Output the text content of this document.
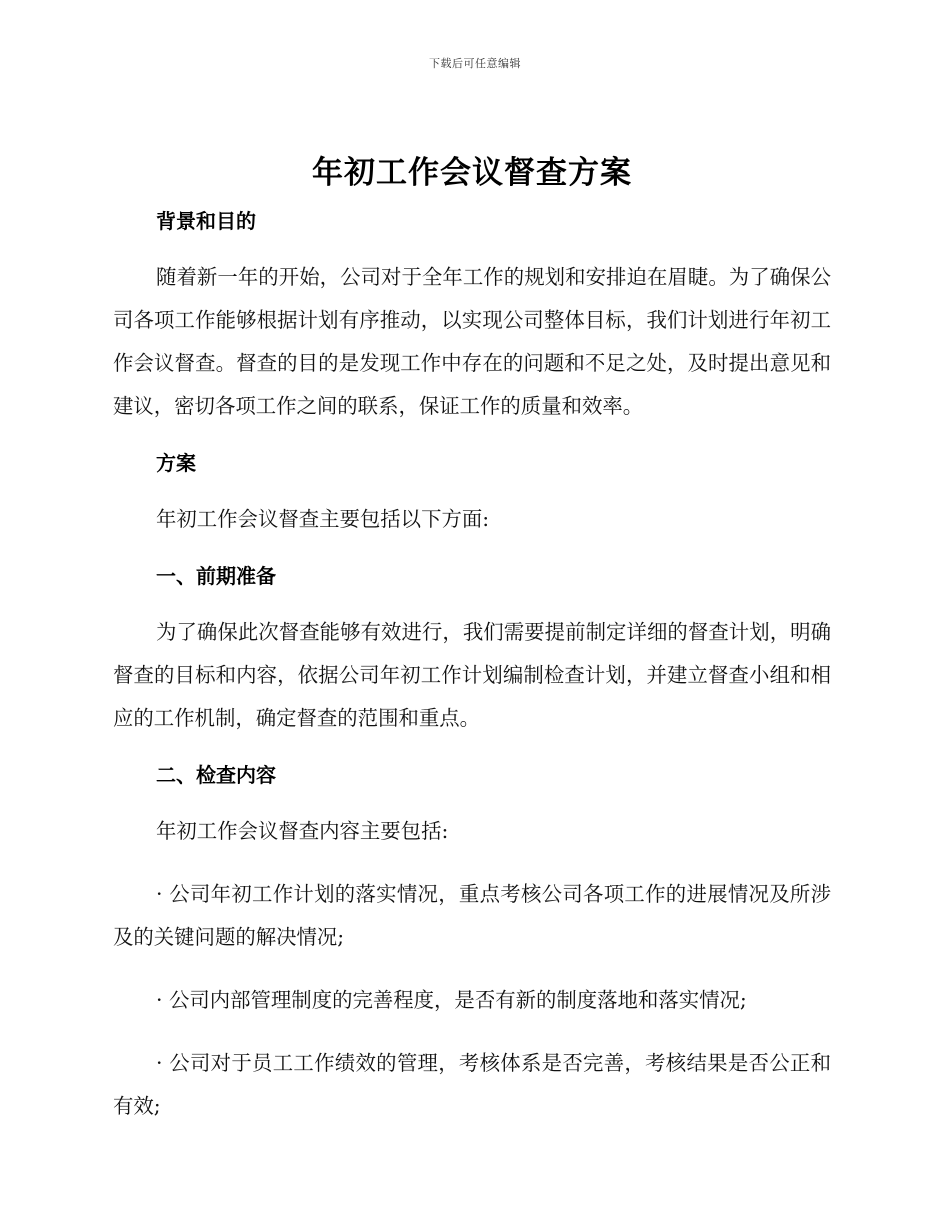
下载后可任意编辑
年初工作会议督查方案
背景和目的

随着新一年的开始，公司对于全年工作的规划和安排迫在眉睫。为了确保公司各项工作能够根据计划有序推动，以实现公司整体目标，我们计划进行年初工作会议督查。督查的目的是发现工作中存在的问题和不足之处，及时提出意见和建议，密切各项工作之间的联系，保证工作的质量和效率。

方案

年初工作会议督查主要包括以下方面:

一、前期准备

为了确保此次督查能够有效进行，我们需要提前制定详细的督查计划，明确督查的目标和内容，依据公司年初工作计划编制检查计划，并建立督查小组和相应的工作机制，确定督查的范围和重点。

二、检查内容

年初工作会议督查内容主要包括:

· 公司年初工作计划的落实情况，重点考核公司各项工作的进展情况及所涉及的关键问题的解决情况;

· 公司内部管理制度的完善程度，是否有新的制度落地和落实情况;

· 公司对于员工工作绩效的管理，考核体系是否完善，考核结果是否公正和有效;
